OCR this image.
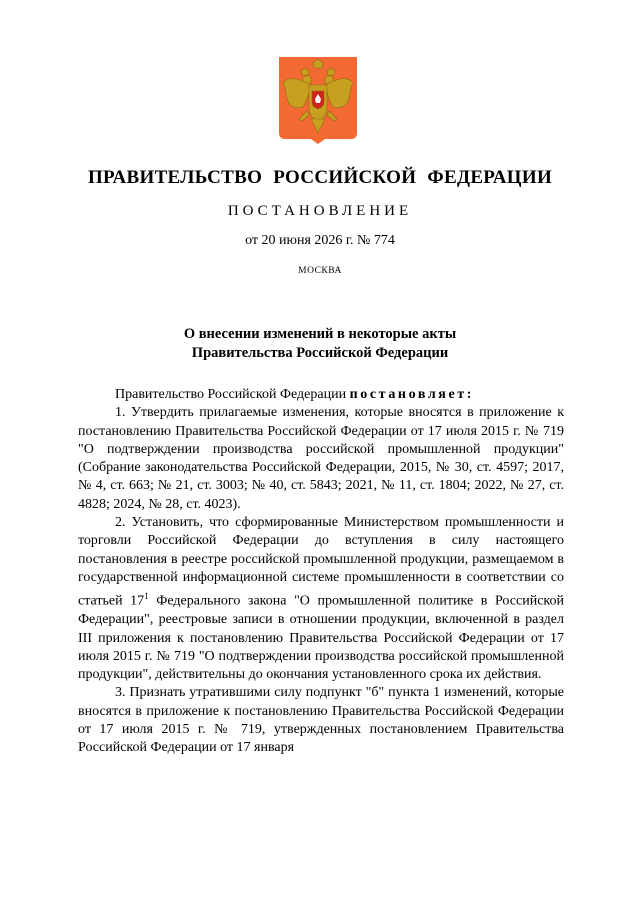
ПРАВИТЕЛЬСТВО РОССИЙСКОЙ ФЕДЕРАЦИИ
ПОСТАНОВЛЕНИЕ
от 20 июня 2026 г. № 774
МОСКВА
О внесении изменений в некоторые акты
Правительства Российской Федерации

Правительство Российской Федерации постановляет:

1. Утвердить прилагаемые изменения, которые вносятся в приложение к постановлению Правительства Российской Федерации от 17 июля 2015 г. № 719 "О подтверждении производства российской промышленной продукции" (Собрание законодательства Российской Федерации, 2015, № 30, ст. 4597; 2017, № 4, ст. 663; № 21, ст. 3003; № 40, ст. 5843; 2021, № 11, ст. 1804; 2022, № 27, ст. 4828; 2024, № 28, ст. 4023).

2. Установить, что сформированные Министерством промышленности и торговли Российской Федерации до вступления в силу настоящего постановления в реестре российской промышленной продукции, размещаемом в государственной информационной системе промышленности в соответствии со статьей $17^1$ Федерального закона "О промышленной политике в Российской Федерации", реестровые записи в отношении продукции, включенной в раздел III приложения к постановлению Правительства Российской Федерации от 17 июля 2015 г. № 719 "О подтверждении производства российской промышленной продукции", действительны до окончания установленного срока их действия.

3. Признать утратившими силу подпункт "б" пункта 1 изменений, которые вносятся в приложение к постановлению Правительства Российской Федерации от 17 июля 2015 г. № 719, утвержденных постановлением Правительства Российской Федерации от 17 января
